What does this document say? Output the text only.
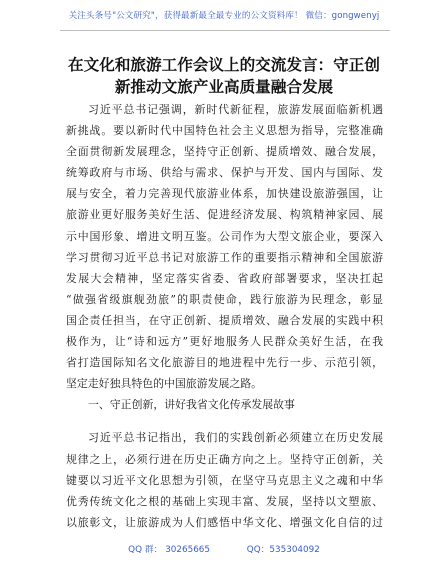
关注头条号"公文研究"，获得最新最全最专业的公文资料库！ 微信：gongwenyj
在文化和旅游工作会议上的交流发言：守正创
新推动文旅产业高质量融合发展
习近平总书记强调，新时代新征程，旅游发展面临新机遇
新挑战。要以新时代中国特色社会主义思想为指导，完整准确
全面贯彻新发展理念，坚持守正创新、提质增效、融合发展，
统筹政府与市场、供给与需求、保护与开发、国内与国际、发
展与安全，着力完善现代旅游业体系，加快建设旅游强国，让
旅游业更好服务美好生活、促进经济发展、构筑精神家园、展
示中国形象、增进文明互鉴。公司作为大型文旅企业，要深入
学习贯彻习近平总书记对旅游工作的重要指示精神和全国旅游
发展大会精神，坚定落实省委、省政府部署要求，坚决扛起
“做强省级旗舰劲旅”的职责使命，践行旅游为民理念，彰显
国企责任担当，在守正创新、提质增效、融合发展的实践中积
极作为，让“诗和远方”更好地服务人民群众美好生活，在我
省打造国际知名文化旅游目的地进程中先行一步、示范引领，
坚定走好独具特色的中国旅游发展之路。
一、守正创新，讲好我省文化传承发展故事
习近平总书记指出，我们的实践创新必须建立在历史发展
规律之上，必须行进在历史正确方向之上。坚持守正创新，关
键要以习近平文化思想为引领，在坚守马克思主义之魂和中华
优秀传统文化之根的基础上实现丰富、发展，坚持以文塑旅、
以旅彰文，让旅游成为人们感悟中华文化、增强文化自信的过
QQ 群： 30265665	QQ：535304092
